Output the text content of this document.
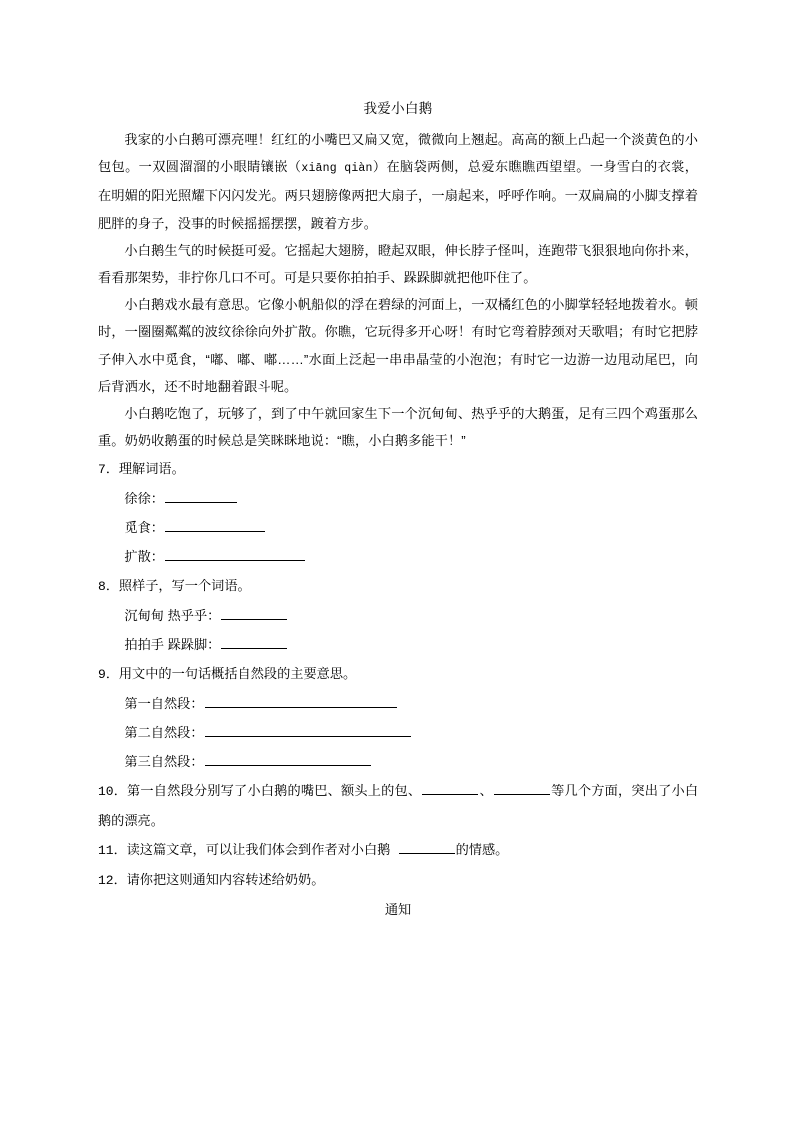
我爱小白鹅

我家的小白鹅可漂亮哩！红红的小嘴巴又扁又宽，微微向上翘起。高高的额上凸起一个淡黄色的小包包。一双圆溜溜的小眼睛镶嵌（xiāng qiàn）在脑袋两侧，总爱东瞧瞧西望望。一身雪白的衣裳，在明媚的阳光照耀下闪闪发光。两只翅膀像两把大扇子，一扇起来，呼呼作响。一双扁扁的小脚支撑着肥胖的身子，没事的时候摇摇摆摆，踱着方步。

小白鹅生气的时候挺可爱。它摇起大翅膀，瞪起双眼，伸长脖子怪叫，连跑带飞狠狠地向你扑来，看看那架势，非拧你几口不可。可是只要你拍拍手、跺跺脚就把他吓住了。

小白鹅戏水最有意思。它像小帆船似的浮在碧绿的河面上，一双橘红色的小脚掌轻轻地拨着水。顿时，一圈圈粼粼的波纹徐徐向外扩散。你瞧，它玩得多开心呀！有时它弯着脖颈对天歌唱；有时它把脖子伸入水中觅食，“嘟、嘟、嘟……”水面上泛起一串串晶莹的小泡泡；有时它一边游一边甩动尾巴，向后背洒水，还不时地翻着跟斗呢。

小白鹅吃饱了，玩够了，到了中午就回家生下一个沉甸甸、热乎乎的大鹅蛋，足有三四个鸡蛋那么重。奶奶收鹅蛋的时候总是笑眯眯地说：“瞧，小白鹅多能干！”

7．理解词语。
徐徐：
觅食：
扩散：
8．照样子，写一个词语。
沉甸甸 热乎乎：
拍拍手 跺跺脚：
9．用文中的一句话概括自然段的主要意思。
第一自然段：
第二自然段：
第三自然段：
10．第一自然段分别写了小白鹅的嘴巴、额头上的包、	、	等几个方面，突出了小白鹅的漂亮。
11．读这篇文章，可以让我们体会到作者对小白鹅	的情感。
12．请你把这则通知内容转述给奶奶。
通知
